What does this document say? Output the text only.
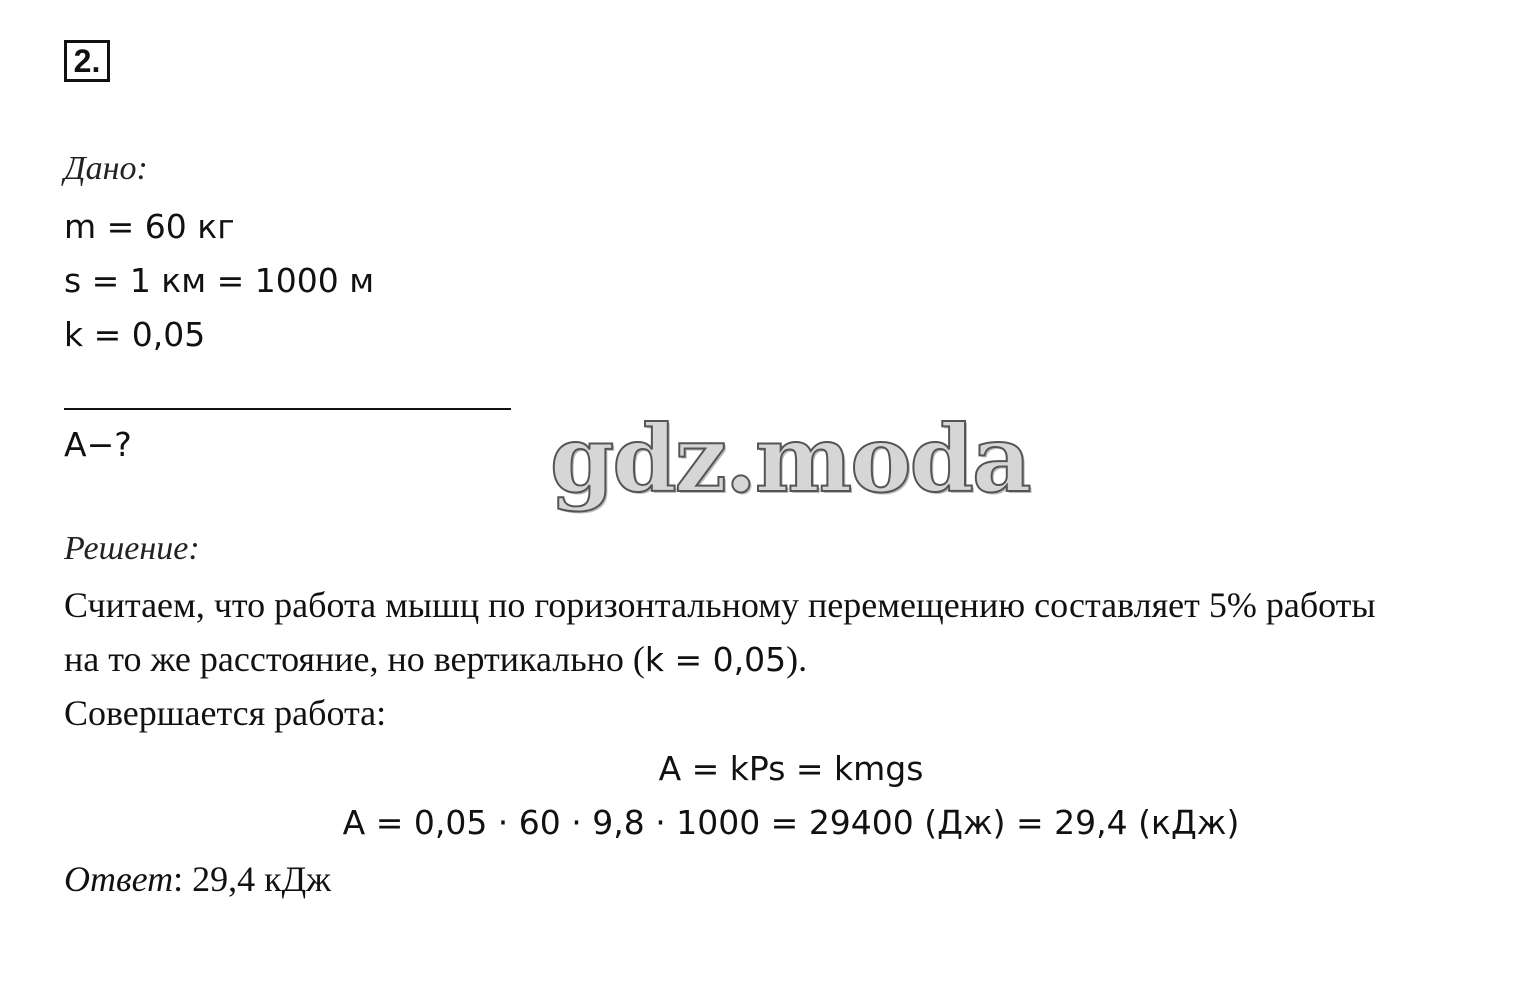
2.
Дано:
m = 60 кг
s = 1 км = 1000 м
k = 0,05
A−?	gdz.moda
Решение:
Считаем, что работа мышц по горизонтальному перемещению составляет 5% работы
на то же расстояние, но вертикально (k = 0,05).
Совершается работа:
A = kPs = kmgs
A = 0,05 · 60 · 9,8 · 1000 = 29400 (Дж) = 29,4 (кДж)
Ответ: 29,4 кДж
